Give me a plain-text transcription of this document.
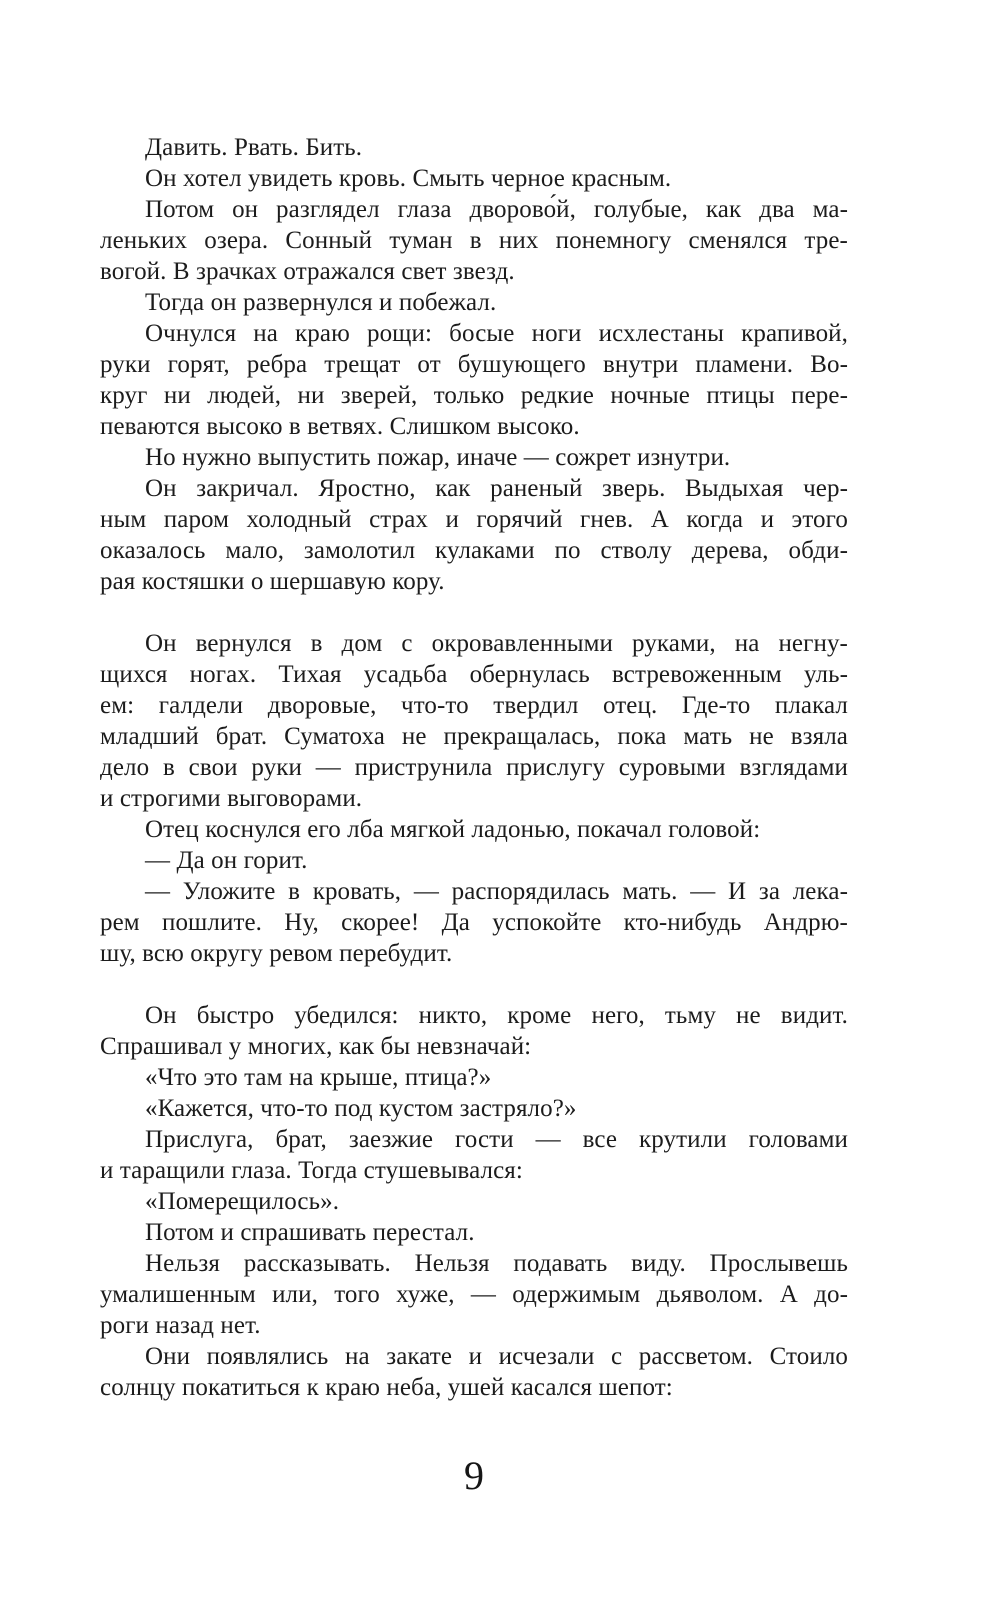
Давить. Рвать. Бить.
Он хотел увидеть кровь. Смыть черное красным.
Потом он разглядел глаза дворово́й, голубые, как два ма-
леньких озера. Сонный туман в них понемногу сменялся тре-
вогой. В зрачках отражался свет звезд.
Тогда он развернулся и побежал.
Очнулся на краю рощи: босые ноги исхлестаны крапивой,
руки горят, ребра трещат от бушующего внутри пламени. Во-
круг ни людей, ни зверей, только редкие ночные птицы пере-
певаются высоко в ветвях. Слишком высоко.
Но нужно выпустить пожар, иначе — сожрет изнутри.
Он закричал. Яростно, как раненый зверь. Выдыхая чер-
ным паром холодный страх и горячий гнев. А когда и этого
оказалось мало, замолотил кулаками по стволу дерева, обди-
рая костяшки о шершавую кору.
Он вернулся в дом с окровавленными руками, на негну-
щихся ногах. Тихая усадьба обернулась встревоженным уль-
ем: галдели дворовые, что-то твердил отец. Где-то плакал
младший брат. Суматоха не прекращалась, пока мать не взяла
дело в свои руки — приструнила прислугу суровыми взглядами
и строгими выговорами.
Отец коснулся его лба мягкой ладонью, покачал головой:
— Да он горит.
— Уложите в кровать, — распорядилась мать. — И за лека-
рем пошлите. Ну, скорее! Да успокойте кто-нибудь Андрю-
шу, всю округу ревом перебудит.
Он быстро убедился: никто, кроме него, тьму не видит.
Спрашивал у многих, как бы невзначай:
«Что это там на крыше, птица?»
«Кажется, что-то под кустом застряло?»
Прислуга, брат, заезжие гости — все крутили головами
и таращили глаза. Тогда стушевывался:
«Померещилось».
Потом и спрашивать перестал.
Нельзя рассказывать. Нельзя подавать виду. Прослывешь
умалишенным или, того хуже, — одержимым дьяволом. А до-
роги назад нет.
Они появлялись на закате и исчезали с рассветом. Стоило
солнцу покатиться к краю неба, ушей касался шепот:
9
